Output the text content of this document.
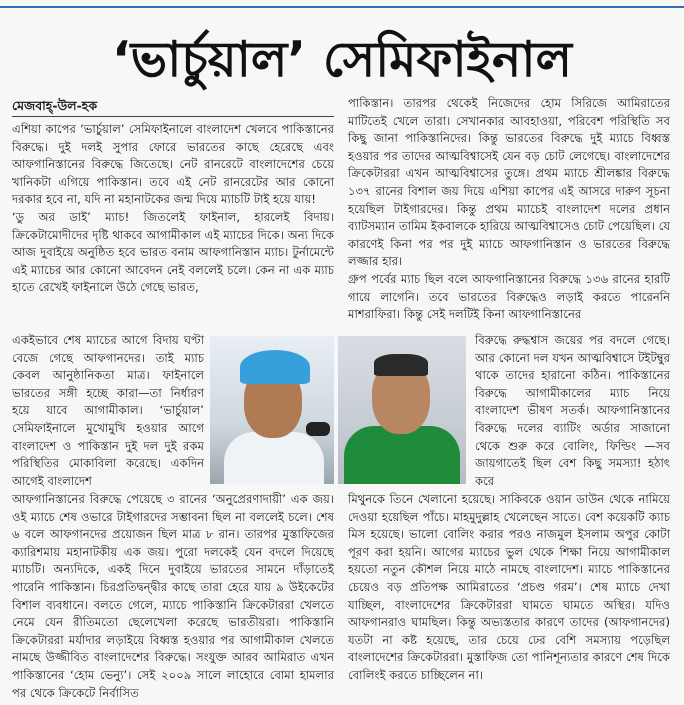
‘ভার্চুয়াল’ সেমিফাইনাল
মেজবাহ্-উল-হক

এশিয়া কাপের ‘ভার্চুয়াল’ সেমিফাইনালে বাংলাদেশ খেলবে পাকিস্তানের বিরুদ্ধে। দুই দলই সুপার ফোরে ভারতের কাছে হেরেছে এবং আফগানিস্তানের বিরুদ্ধে জিতেছে। নেট রানরেটে বাংলাদেশের চেয়ে খানিকটা এগিয়ে পাকিস্তান। তবে এই নেট রানরেটের আর কোনো দরকার হবে না, যদি না মহানাটকের জন্ম দিয়ে ম্যাচটি টাই হয়ে যায়!

‘ডু অর ডাই’ ম্যাচ! জিতলেই ফাইনাল, হারলেই বিদায়। ক্রিকেটামোদীদের দৃষ্টি থাকবে আগামীকাল এই ম্যাচের দিকে। অন্য দিকে আজ দুবাইয়ে অনুষ্ঠিত হবে ভারত বনাম আফগানিস্তান ম্যাচ। টুর্নামেন্টে এই ম্যাচের আর কোনো আবেদন নেই বললেই চলে। কেন না এক ম্যাচ হাতে রেখেই ফাইনালে উঠে গেছে ভারত,

একইভাবে শেষ ম্যাচের আগে বিদায় ঘণ্টা বেজে গেছে আফগানদের। তাই ম্যাচ কেবল আনুষ্ঠানিকতা মাত্র। ফাইনালে ভারতের সঙ্গী হচ্ছে কারা—তা নির্ধারণ হয়ে যাবে আগামীকাল। ‘ভার্চুয়াল’ সেমিফাইনালে মুখোমুখি হওয়ার আগে বাংলাদেশ ও পাকিস্তান দুই দল দুই রকম পরিস্থিতির মোকাবিলা করেছে। একদিন আগেই বাংলাদেশ

পাকিস্তান। তারপর থেকেই নিজেদের হোম সিরিজে আমিরাতের মাটিতেই খেলে তারা। সেখানকার আবহাওয়া, পরিবেশ পরিস্থিতি সব কিছু জানা পাকিস্তানিদের। কিন্তু ভারতের বিরুদ্ধে দুই ম্যাচে বিধ্বস্ত হওয়ার পর তাদের আত্মবিশ্বাসেই যেন বড় চোট লেগেছে। বাংলাদেশের ক্রিকেটাররা এখন আত্মবিশ্বাসের তুঙ্গে। প্রথম ম্যাচে শ্রীলঙ্কার বিরুদ্ধে ১৩৭ রানের বিশাল জয় দিয়ে এশিয়া কাপের এই আসরে দারুণ সূচনা হয়েছিল টাইগারদের। কিন্তু প্রথম ম্যাচেই বাংলাদেশ দলের প্রধান ব্যাটসম্যান তামিম ইকবালকে হারিয়ে আত্মবিশ্বাসেও চোট পেয়েছিল। যে কারণেই কিনা পর পর দুই ম্যাচে আফগানিস্তান ও ভারতের বিরুদ্ধে লজ্জার হার।

গ্রুপ পর্বের ম্যাচ ছিল বলে আফগানিস্তানের বিরুদ্ধে ১৩৬ রানের হারটি গায়ে লাগেনি। তবে ভারতের বিরুদ্ধেও লড়াই করতে পারেননি মাশরাফিরা। কিন্তু সেই দলটিই কিনা আফগানিস্তানের

বিরুদ্ধে রুদ্ধশ্বাস জয়ের পর বদলে গেছে। আর কোনো দল যখন আত্মবিশ্বাসে টইটম্বুর থাকে তাদের হারানো কঠিন। পাকিস্তানের বিরুদ্ধে আগামীকালের ম্যাচ নিয়ে বাংলাদেশ ভীষণ সতর্ক। আফগানিস্তানের বিরুদ্ধে দলের ব্যাটিং অর্ডার সাজানো থেকে শুরু করে বোলিং, ফিল্ডিং —সব জায়গাতেই ছিল বেশ কিছু সমস্যা! হঠাৎ করে

আফগানিস্তানের বিরুদ্ধে পেয়েছে ৩ রানের ‘অনুপ্রেরণাদায়ী’ এক জয়। ওই ম্যাচে শেষ ওভারে টাইগারদের সম্ভাবনা ছিল না বললেই চলে। শেষ ৬ বলে আফগানদের প্রয়োজন ছিল মাত্র ৮ রান। তারপর মুস্তাফিজের ক্যারিশমায় মহানাটকীয় এক জয়। পুরো দলকেই যেন বদলে দিয়েছে ম্যাচটি। অন্যদিকে, একই দিনে দুবাইয়ে ভারতের সামনে দাঁড়াতেই পারেনি পাকিস্তান। চিরপ্রতিদ্বন্দ্বীর কাছে তারা হেরে যায় ৯ উইকেটের বিশাল ব্যবধানে। বলতে গেলে, ম্যাচে পাকিস্তানি ক্রিকেটাররা খেলতে নেমে যেন রীতিমতো ছেলেখেলা করেছে ভারতীয়রা। পাকিস্তানি ক্রিকেটাররা মর্যাদার লড়াইয়ে বিধ্বস্ত হওয়ার পর আগামীকাল খেলতে নামছে উজ্জীবিত বাংলাদেশের বিরুদ্ধে। সংযুক্ত আরব আমিরাত এখন পাকিস্তানের ‘হোম ভেন্যু’। সেই ২০০৯ সালে লাহোরে বোমা হামলার পর থেকে ক্রিকেটে নির্বাসিত

মিথুনকে তিনে খেলানো হয়েছে। সাকিবকে ওয়ান ডাউন থেকে নামিয়ে দেওয়া হয়েছিল পাঁচে। মাহমুদুল্লাহ খেলেছেন সাতে। বেশ কয়েকটি ক্যাচ মিস হয়েছে। ভালো বোলিং করার পরও নাজমুল ইসলাম অপুর কোটা পূরণ করা হয়নি। আগের ম্যাচের ভুল থেকে শিক্ষা নিয়ে আগামীকাল হয়তো নতুন কৌশল নিয়ে মাঠে নামছে বাংলাদেশ। ম্যাচে পাকিস্তানের চেয়েও বড় প্রতিপক্ষ আমিরাতের ‘প্রচণ্ড গরম’। শেষ ম্যাচে দেখা যাচ্ছিল, বাংলাদেশের ক্রিকেটাররা ঘামতে ঘামতে অস্থির। যদিও আফগানরাও ঘামছিল। কিন্তু অভ্যস্ততার কারণে তাদের (আফগানদের) যতটা না কষ্ট হয়েছে, তার চেয়ে ঢের বেশি সমস্যায় পড়েছিল বাংলাদেশের ক্রিকেটাররা। মুস্তাফিজ তো পানিশূন্যতার কারণে শেষ দিকে বোলিংই করতে চাচ্ছিলেন না।
